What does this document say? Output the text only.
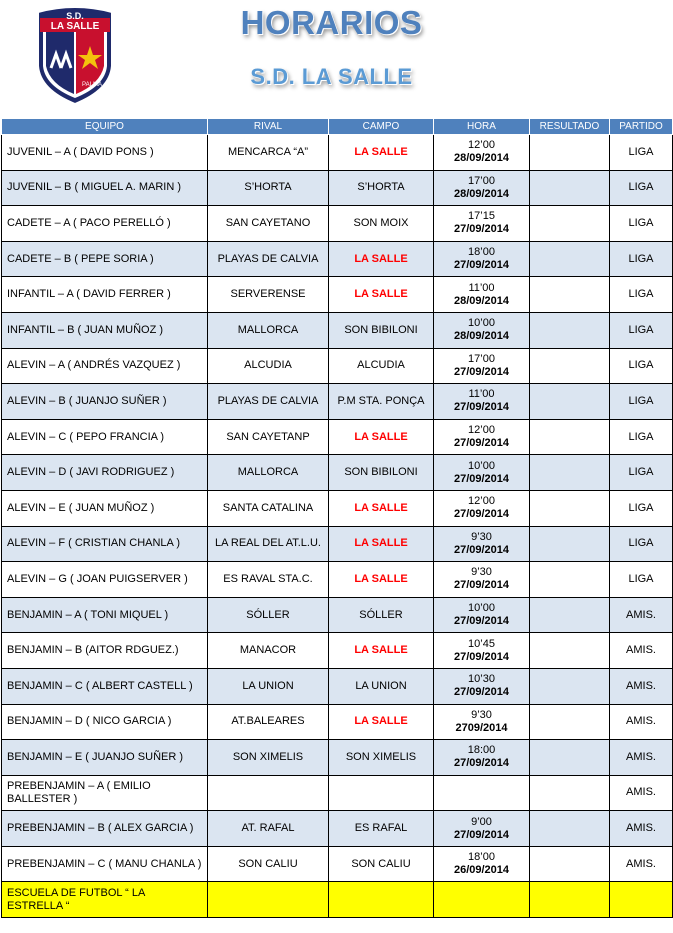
S.D.
LA SALLE
PALMA
HORARIOS
S.D. LA SALLE
EQUIPO	RIVAL	CAMPO	HORA	RESULTADO	PARTIDO
JUVENIL – A ( DAVID PONS )	MENCARCA “A”	LA SALLE	12’00
28/09/2014		LIGA
JUVENIL – B ( MIGUEL A. MARIN )	S’HORTA	S’HORTA	17’00
28/09/2014		LIGA
CADETE – A ( PACO PERELLÓ )	SAN CAYETANO	SON MOIX	17’15
27/09/2014		LIGA
CADETE – B ( PEPE SORIA )	PLAYAS DE CALVIA	LA SALLE	18’00
27/09/2014		LIGA
INFANTIL – A ( DAVID FERRER )	SERVERENSE	LA SALLE	11’00
28/09/2014		LIGA
INFANTIL – B ( JUAN MUÑOZ )	MALLORCA	SON BIBILONI	10’00
28/09/2014		LIGA
ALEVIN – A ( ANDRÉS VAZQUEZ )	ALCUDIA	ALCUDIA	17’00
27/09/2014		LIGA
ALEVIN – B ( JUANJO SUÑER )	PLAYAS DE CALVIA	P.M STA. PONÇA	11’00
27/09/2014		LIGA
ALEVIN – C ( PEPO FRANCIA )	SAN CAYETANP	LA SALLE	12’00
27/09/2014		LIGA
ALEVIN – D ( JAVI RODRIGUEZ )	MALLORCA	SON BIBILONI	10’00
27/09/2014		LIGA
ALEVIN – E ( JUAN MUÑOZ )	SANTA CATALINA	LA SALLE	12’00
27/09/2014		LIGA
ALEVIN – F ( CRISTIAN CHANLA )	LA REAL DEL AT.L.U.	LA SALLE	9’30
27/09/2014		LIGA
ALEVIN – G ( JOAN PUIGSERVER )	ES RAVAL STA.C.	LA SALLE	9’30
27/09/2014		LIGA
BENJAMIN – A ( TONI MIQUEL )	SÓLLER	SÓLLER	10’00
27/09/2014		AMIS.
BENJAMIN – B (AITOR RDGUEZ.)	MANACOR	LA SALLE	10’45
27/09/2014		AMIS.
BENJAMIN – C ( ALBERT CASTELL )	LA UNION	LA UNION	10’30
27/09/2014		AMIS.
BENJAMIN – D ( NICO GARCIA )	AT.BALEARES	LA SALLE	9’30
2709/2014		AMIS.
BENJAMIN – E ( JUANJO SUÑER )	SON XIMELIS	SON XIMELIS	18:00
27/09/2014		AMIS.
PREBENJAMIN – A ( EMILIO BALLESTER )					AMIS.
PREBENJAMIN – B ( ALEX GARCIA )	AT. RAFAL	ES RAFAL	9’00
27/09/2014		AMIS.
PREBENJAMIN – C ( MANU CHANLA )	SON CALIU	SON CALIU	18’00
26/09/2014		AMIS.
ESCUELA DE FUTBOL “ LA ESTRELLA “			
